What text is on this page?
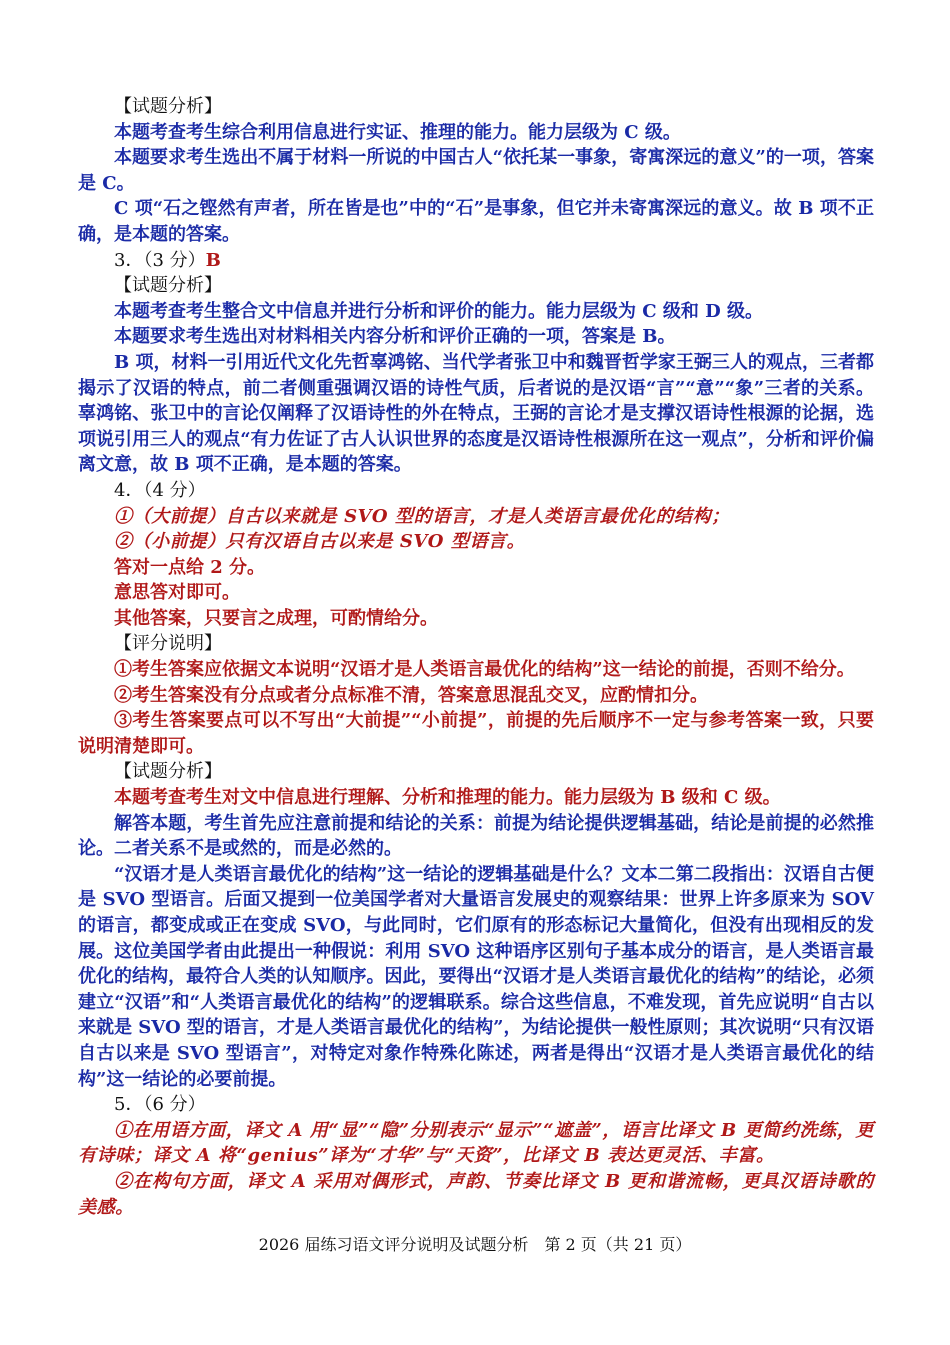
【试题分析】

本题考查考生综合利用信息进行实证、推理的能力。能力层级为 C 级。

本题要求考生选出不属于材料一所说的中国古人“依托某一事象，寄寓深远的意义”的一项，答案是 C。

C 项“石之铿然有声者，所在皆是也”中的“石”是事象，但它并未寄寓深远的意义。故 B 项不正确，是本题的答案。

3．（3 分）B

【试题分析】

本题考查考生整合文中信息并进行分析和评价的能力。能力层级为 C 级和 D 级。

本题要求考生选出对材料相关内容分析和评价正确的一项，答案是 B。

B 项，材料一引用近代文化先哲辜鸿铭、当代学者张卫中和魏晋哲学家王弼三人的观点，三者都揭示了汉语的特点，前二者侧重强调汉语的诗性气质，后者说的是汉语“言”“意”“象”三者的关系。辜鸿铭、张卫中的言论仅阐释了汉语诗性的外在特点，王弼的言论才是支撑汉语诗性根源的论据，选项说引用三人的观点“有力佐证了古人认识世界的态度是汉语诗性根源所在这一观点”，分析和评价偏离文意，故 B 项不正确，是本题的答案。

4．（4 分）

①（大前提）自古以来就是 SVO 型的语言，才是人类语言最优化的结构；

②（小前提）只有汉语自古以来是 SVO 型语言。

答对一点给 2 分。

意思答对即可。

其他答案，只要言之成理，可酌情给分。

【评分说明】

①考生答案应依据文本说明“汉语才是人类语言最优化的结构”这一结论的前提，否则不给分。

②考生答案没有分点或者分点标准不清，答案意思混乱交叉，应酌情扣分。

③考生答案要点可以不写出“大前提”“小前提”，前提的先后顺序不一定与参考答案一致，只要说明清楚即可。

【试题分析】

本题考查考生对文中信息进行理解、分析和推理的能力。能力层级为 B 级和 C 级。

解答本题，考生首先应注意前提和结论的关系：前提为结论提供逻辑基础，结论是前提的必然推论。二者关系不是或然的，而是必然的。

“汉语才是人类语言最优化的结构”这一结论的逻辑基础是什么？文本二第二段指出：汉语自古便是 SVO 型语言。后面又提到一位美国学者对大量语言发展史的观察结果：世界上许多原来为 SOV 的语言，都变成或正在变成 SVO，与此同时，它们原有的形态标记大量简化，但没有出现相反的发展。这位美国学者由此提出一种假说：利用 SVO 这种语序区别句子基本成分的语言，是人类语言最优化的结构，最符合人类的认知顺序。因此，要得出“汉语才是人类语言最优化的结构”的结论，必须建立“汉语”和“人类语言最优化的结构”的逻辑联系。综合这些信息，不难发现，首先应说明“自古以来就是 SVO 型的语言，才是人类语言最优化的结构”，为结论提供一般性原则；其次说明“只有汉语自古以来是 SVO 型语言”，对特定对象作特殊化陈述，两者是得出“汉语才是人类语言最优化的结构”这一结论的必要前提。

5．（6 分）

①在用语方面，译文 A 用“显”“隐”分别表示“显示”“遮盖”，语言比译文 B 更简约洗练，更有诗味；译文 A 将“genius”译为“才华”与“天资”，比译文 B 表达更灵活、丰富。

②在构句方面，译文 A 采用对偶形式，声韵、节奏比译文 B 更和谐流畅，更具汉语诗歌的美感。

2026 届练习语文评分说明及试题分析　第 2 页（共 21 页）
